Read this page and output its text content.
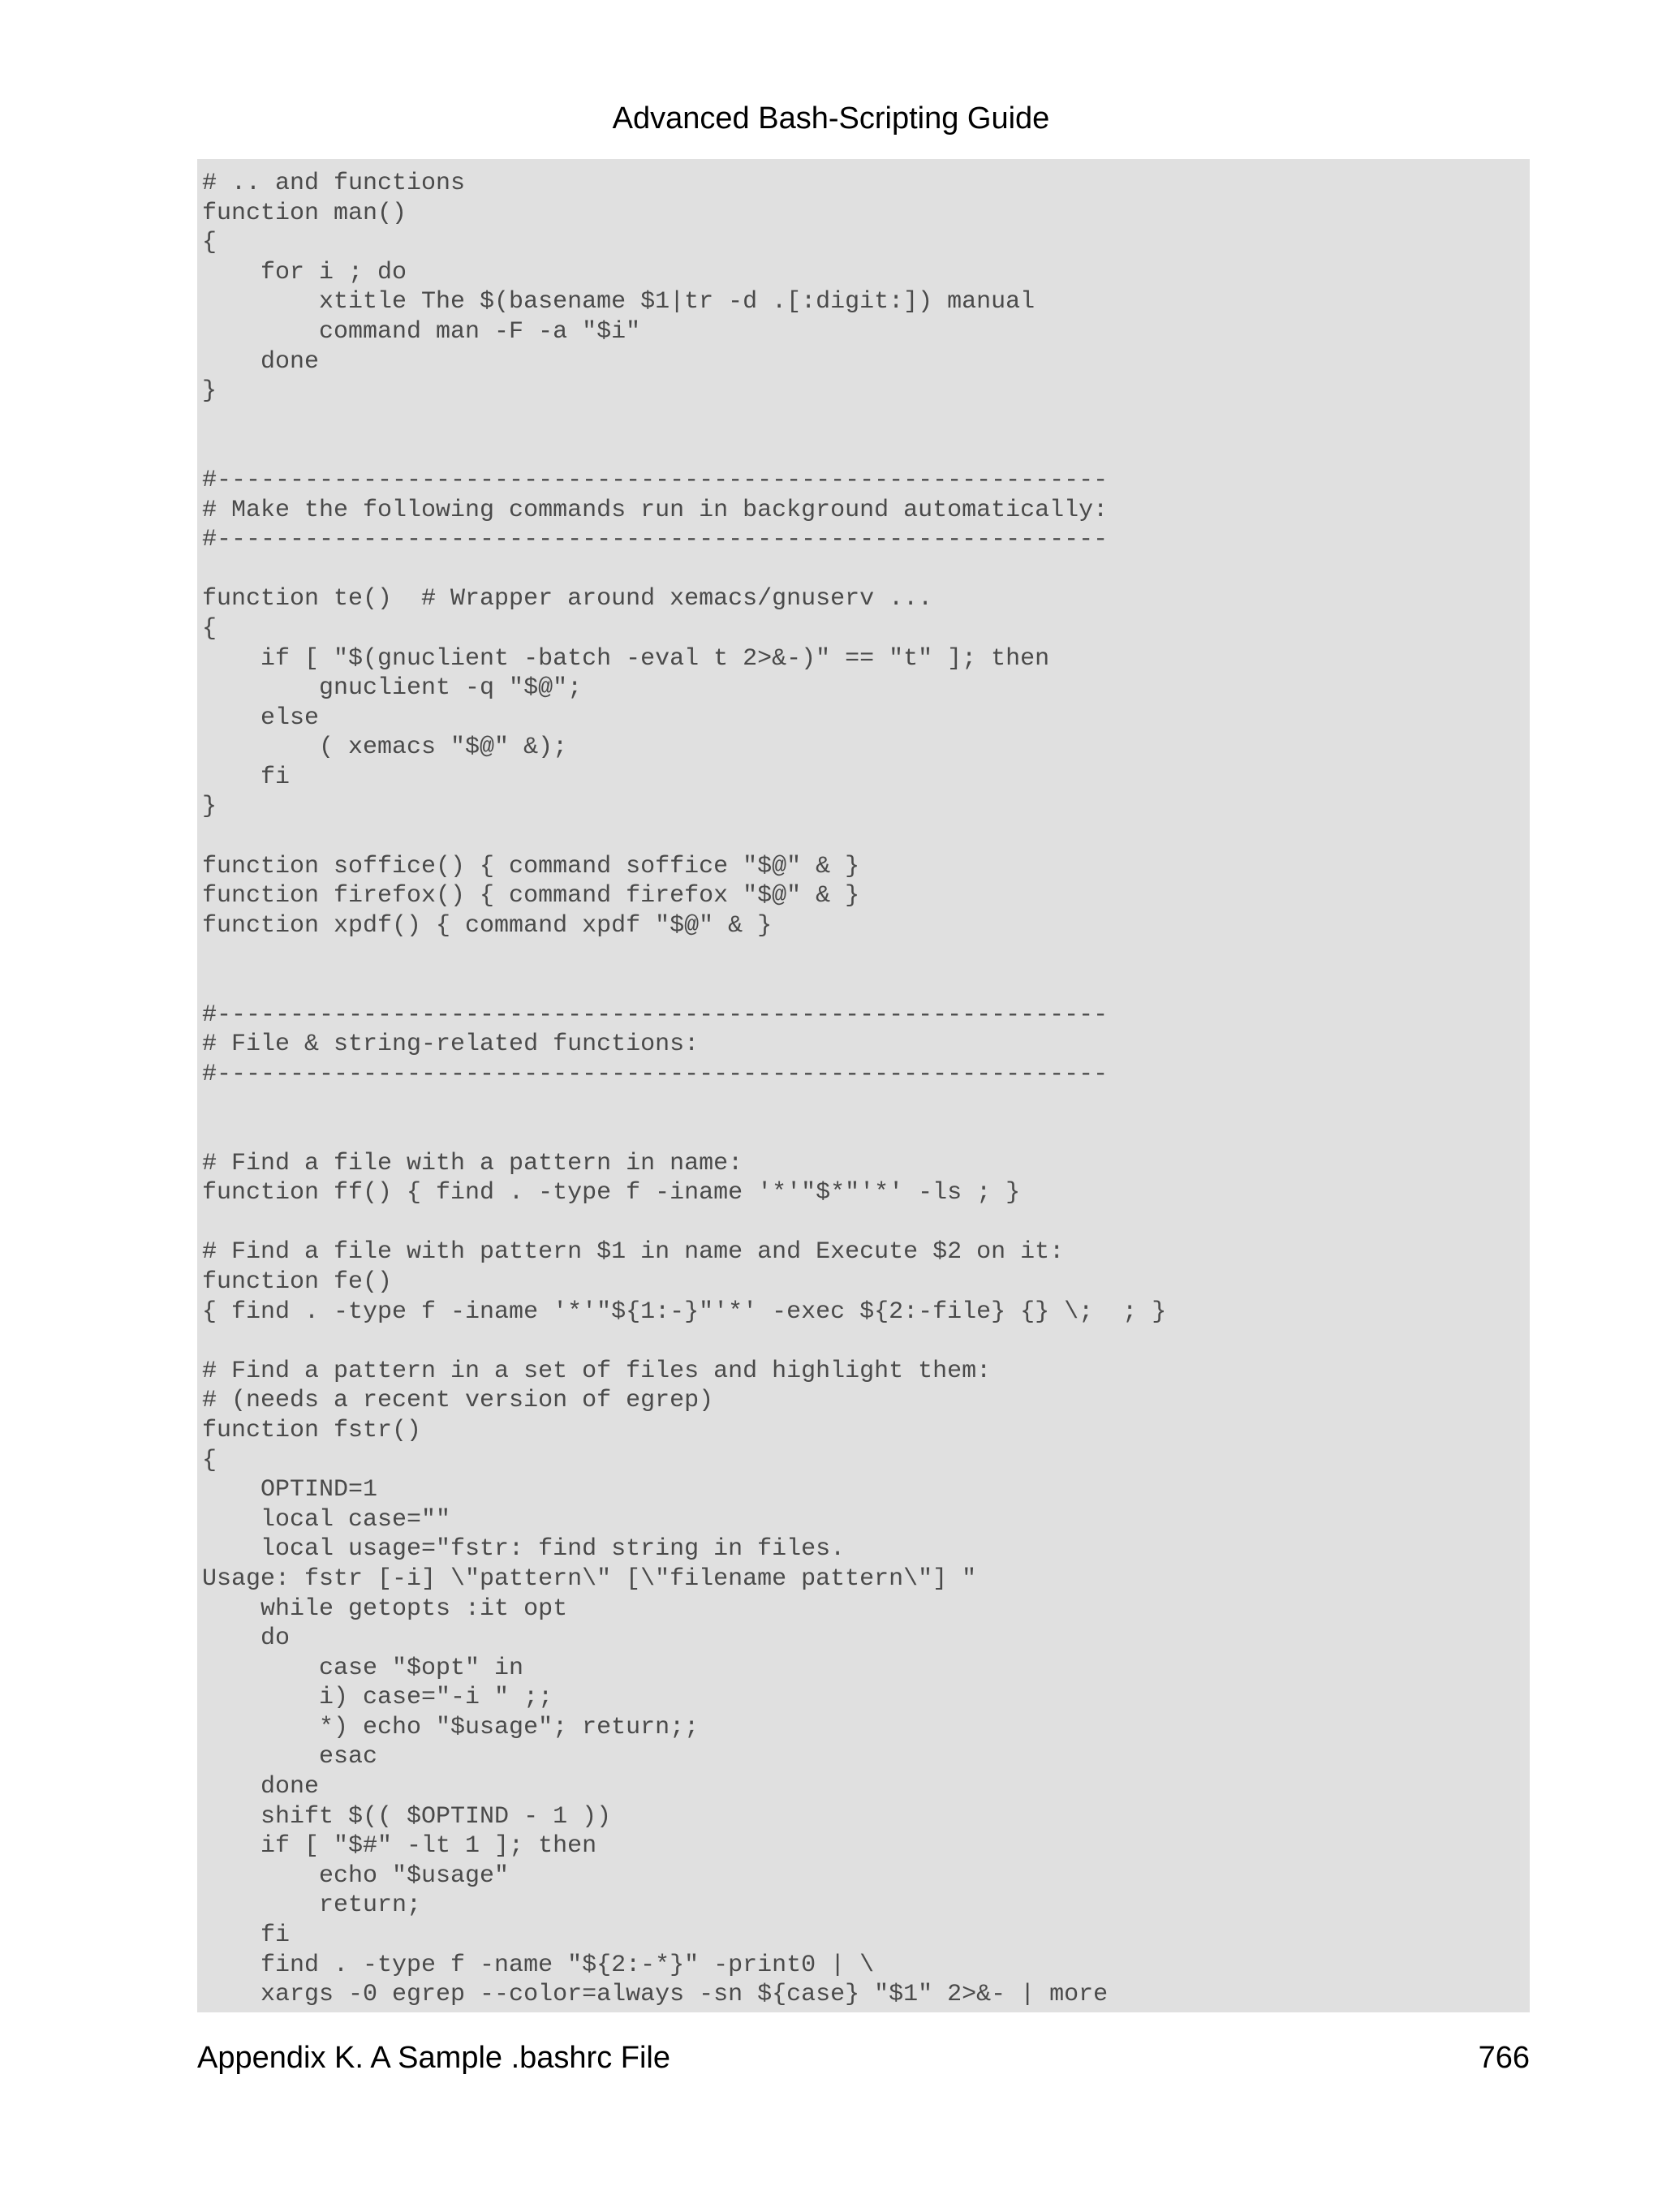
Advanced Bash-Scripting Guide
# .. and functions
function man()
{
for i ; do
xtitle The $(basename $1|tr -d .[:digit:]) manual
command man -F -a "$i"
done
}
#-------------------------------------------------------------
# Make the following commands run in background automatically:
#-------------------------------------------------------------
function te()  # Wrapper around xemacs/gnuserv ...
{
if [ "$(gnuclient -batch -eval t 2>&-)" == "t" ]; then
gnuclient -q "$@";
else
( xemacs "$@" &);
fi
}
function soffice() { command soffice "$@" & }
function firefox() { command firefox "$@" & }
function xpdf() { command xpdf "$@" & }
#-------------------------------------------------------------
# File & string-related functions:
#-------------------------------------------------------------
# Find a file with a pattern in name:
function ff() { find . -type f -iname '*'"$*"'*' -ls ; }
# Find a file with pattern $1 in name and Execute $2 on it:
function fe()
{ find . -type f -iname '*'"${1:-}"'*' -exec ${2:-file} {} \;  ; }
# Find a pattern in a set of files and highlight them:
# (needs a recent version of egrep)
function fstr()
{
OPTIND=1
local case=""
local usage="fstr: find string in files.
Usage: fstr [-i] \"pattern\" [\"filename pattern\"] "
while getopts :it opt
do
case "$opt" in
i) case="-i " ;;
*) echo "$usage"; return;;
esac
done
shift $(( $OPTIND - 1 ))
if [ "$#" -lt 1 ]; then
echo "$usage"
return;
fi
find . -type f -name "${2:-*}" -print0 | \
xargs -0 egrep --color=always -sn ${case} "$1" 2>&- | more
Appendix K. A Sample .bashrc File	766
